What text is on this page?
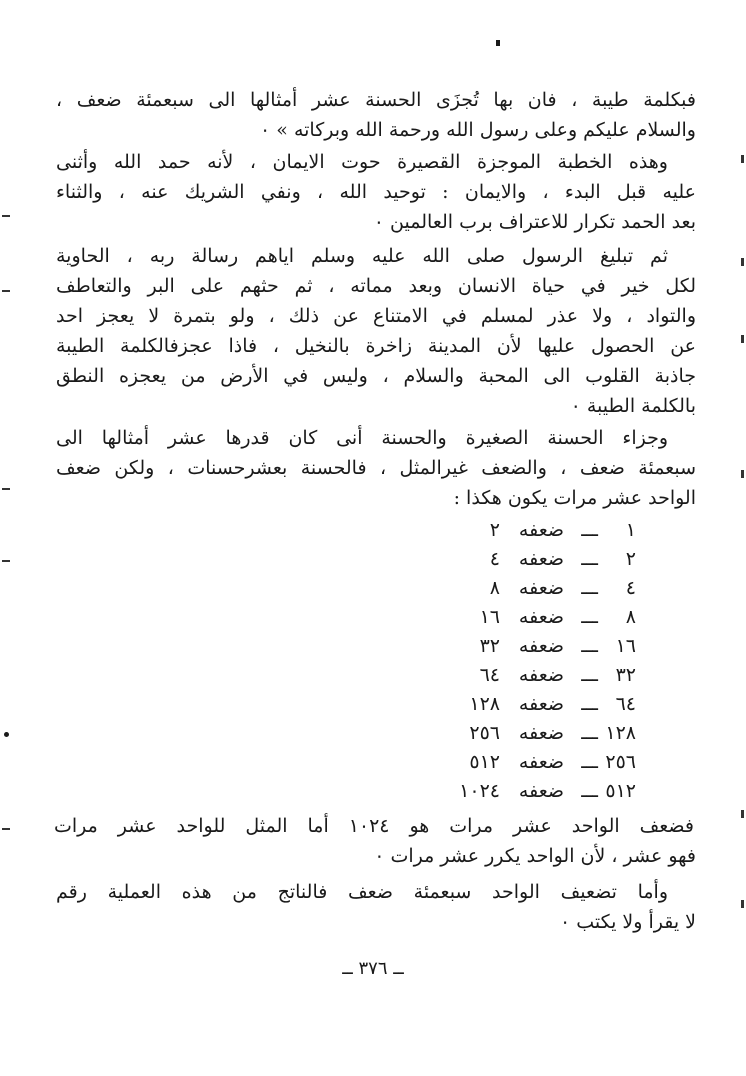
فبكلمة طيبة ، فان بها تُجزَى الحسنة عشر أمثالها الى سبعمئة ضعف ،
والسلام عليكم وعلى رسول الله ورحمة الله وبركاته » ٠
وهذه الخطبة الموجزة القصيرة حوت الايمان ، لأنه حمد الله وأثنى
عليه قبل البدء ، والايمان : توحيد الله ، ونفي الشريك عنه ، والثناء
بعد الحمد تكرار للاعتراف برب العالمين ٠
ثم تبليغ الرسول صلى الله عليه وسلم اياهم رسالة ربه ، الحاوية
لكل خير في حياة الانسان وبعد مماته ، ثم حثهم على البر والتعاطف
والتواد ، ولا عذر لمسلم في الامتناع عن ذلك ، ولو بتمرة لا يعجز احد
عن الحصول عليها لأن المدينة زاخرة بالنخيل ، فاذا عجزفالكلمة الطيبة
جاذبة القلوب الى المحبة والسلام ، وليس في الأرض من يعجزه النطق
بالكلمة الطيبة ٠
وجزاء الحسنة الصغيرة والحسنة أنى كان قدرها عشر أمثالها الى
سبعمئة ضعف ، والضعف غيرالمثل ، فالحسنة بعشرحسنات ، ولكن ضعف
الواحد عشر مرات يكون هكذا :
١
ـــ
ضعفه
٢
٢
ـــ
ضعفه
٤
٤
ـــ
ضعفه
٨
٨
ـــ
ضعفه
١٦
١٦
ـــ
ضعفه
٣٢
٣٢
ـــ
ضعفه
٦٤
٦٤
ـــ
ضعفه
١٢٨
١٢٨
ـــ
ضعفه
٢٥٦
٢٥٦
ـــ
ضعفه
٥١٢
٥١٢
ـــ
ضعفه
١٠٢٤
فضعف الواحد عشر مرات هو ١٠٢٤ أما المثل للواحد عشر مرات
فهو عشر ، لأن الواحد يكرر عشر مرات ٠
وأما تضعيف الواحد سبعمئة ضعف فالناتج من هذه العملية رقم
لا يقرأ ولا يكتب ٠
ــ ٣٧٦ ــ
